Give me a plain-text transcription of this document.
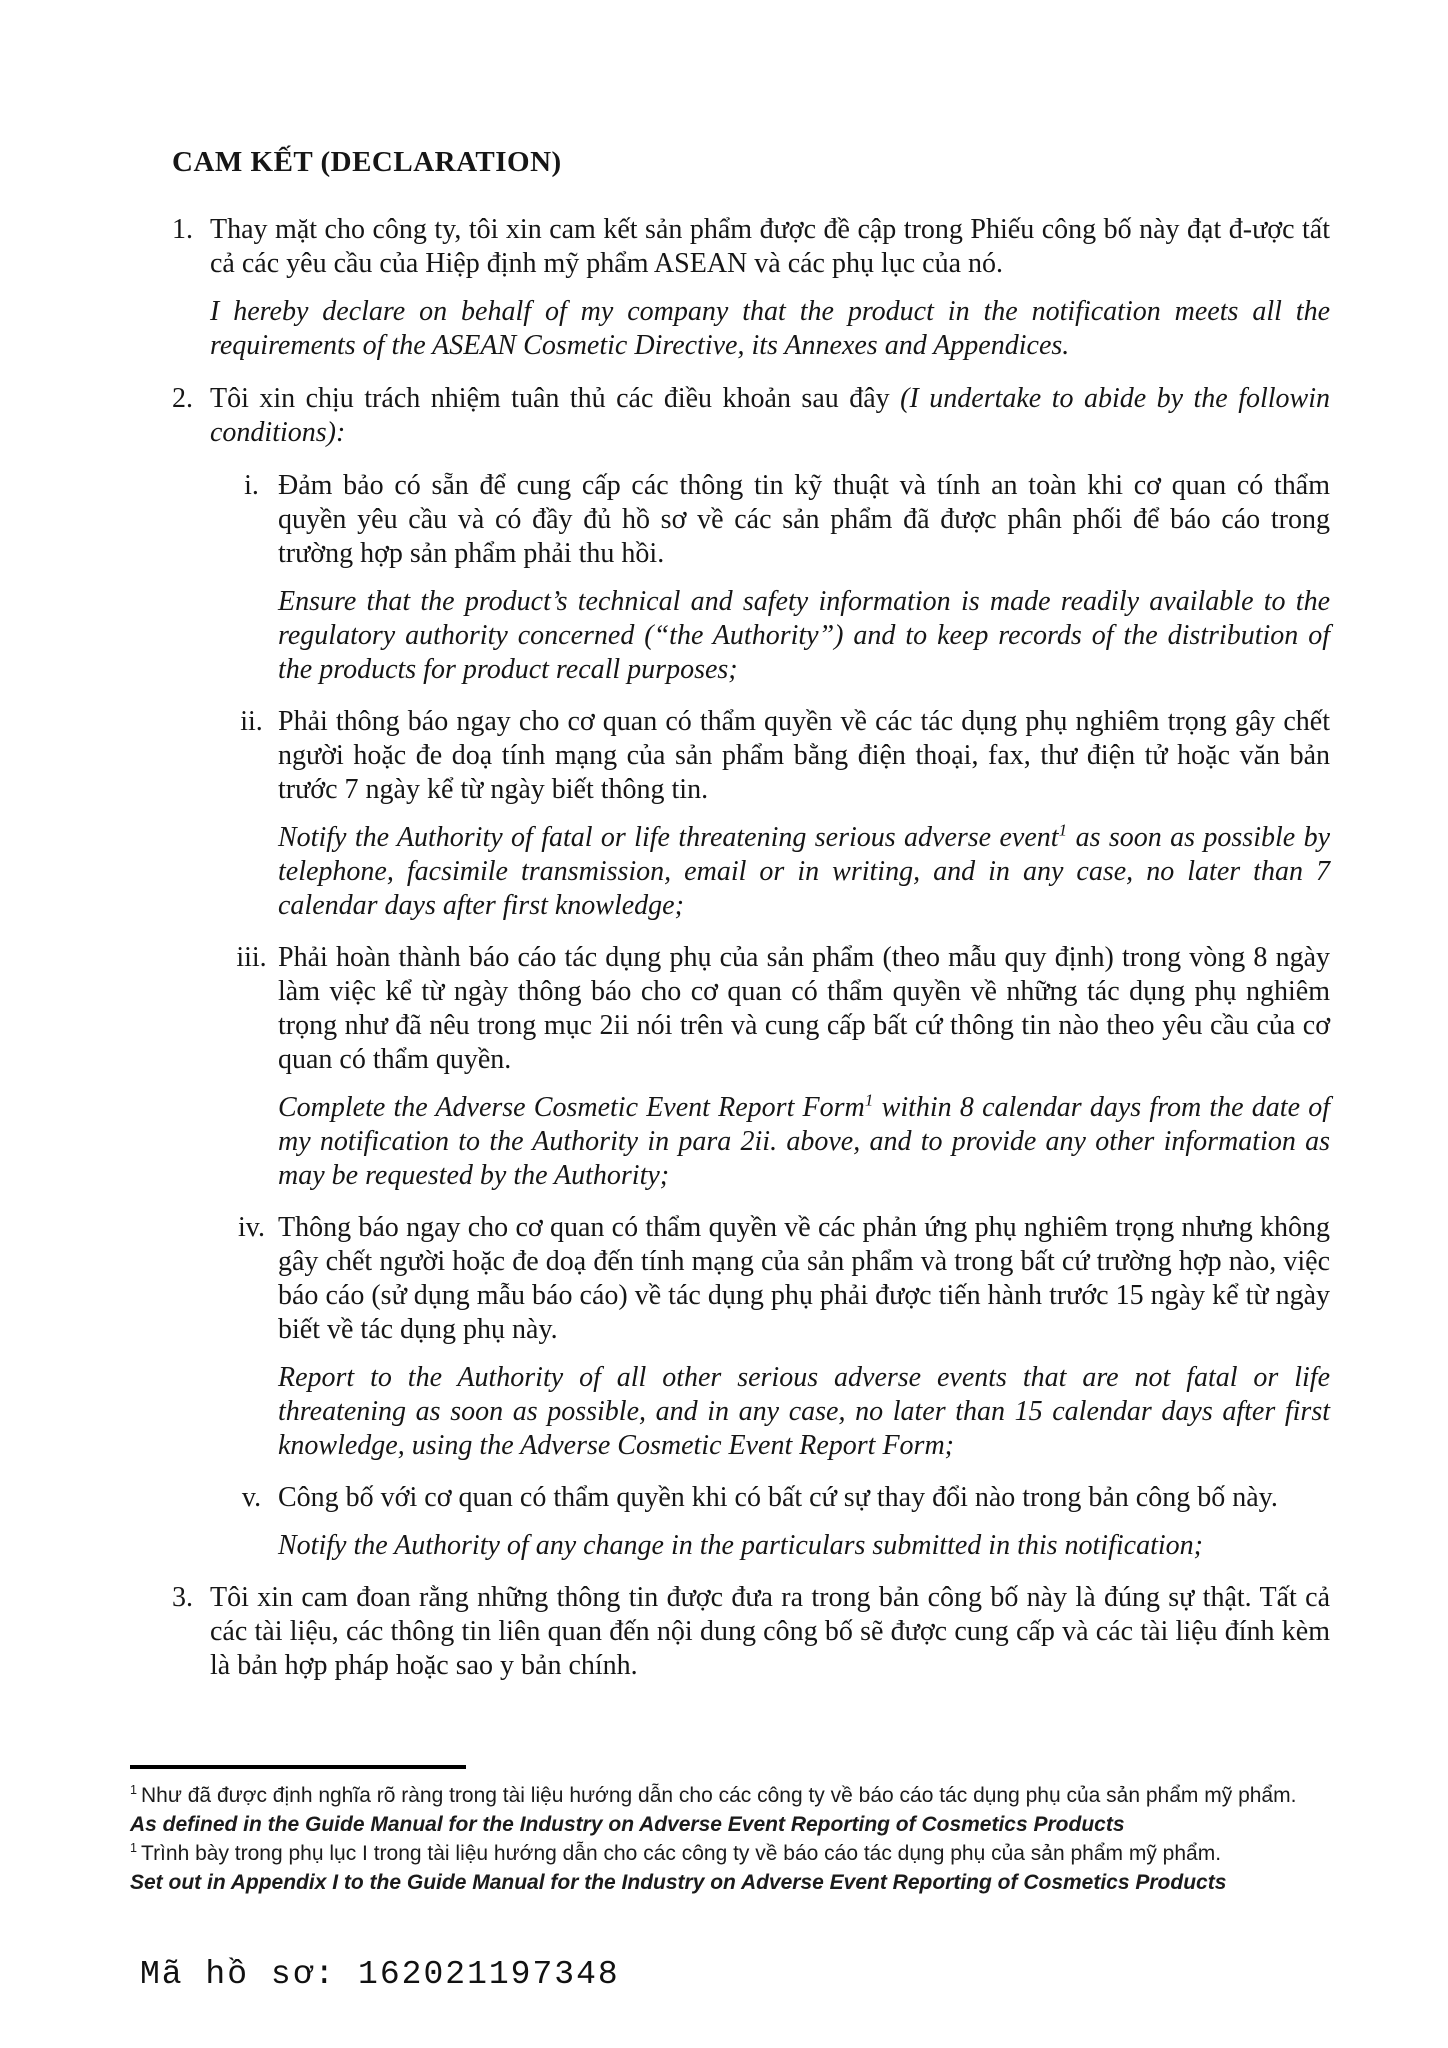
CAM KẾT (DECLARATION)
1. Thay mặt cho công ty, tôi xin cam kết sản phẩm được đề cập trong Phiếu công bố này đạt đ-ược tất cả các yêu cầu của Hiệp định mỹ phẩm ASEAN và các phụ lục của nó.

I hereby declare on behalf of my company that the product in the notification meets all the requirements of the ASEAN Cosmetic Directive, its Annexes and Appendices.

2. Tôi xin chịu trách nhiệm tuân thủ các điều khoản sau đây (I undertake to abide by the followin conditions):

i. Đảm bảo có sẵn để cung cấp các thông tin kỹ thuật và tính an toàn khi cơ quan có thẩm quyền yêu cầu và có đầy đủ hồ sơ về các sản phẩm đã được phân phối để báo cáo trong trường hợp sản phẩm phải thu hồi.

Ensure that the product’s technical and safety information is made readily available to the regulatory authority concerned (“the Authority”) and to keep records of the distribution of the products for product recall purposes;

ii. Phải thông báo ngay cho cơ quan có thẩm quyền về các tác dụng phụ nghiêm trọng gây chết người hoặc đe doạ tính mạng của sản phẩm bằng điện thoại, fax, thư điện tử hoặc văn bản trước 7 ngày kể từ ngày biết thông tin.

Notify the Authority of fatal or life threatening serious adverse event$^1$ as soon as possible by telephone, facsimile transmission, email or in writing, and in any case, no later than 7 calendar days after first knowledge;

iii. Phải hoàn thành báo cáo tác dụng phụ của sản phẩm (theo mẫu quy định) trong vòng 8 ngày làm việc kể từ ngày thông báo cho cơ quan có thẩm quyền về những tác dụng phụ nghiêm trọng như đã nêu trong mục 2ii nói trên và cung cấp bất cứ thông tin nào theo yêu cầu của cơ quan có thẩm quyền.

Complete the Adverse Cosmetic Event Report Form$^1$ within 8 calendar days from the date of my notification to the Authority in para 2ii. above, and to provide any other information as may be requested by the Authority;

iv. Thông báo ngay cho cơ quan có thẩm quyền về các phản ứng phụ nghiêm trọng nhưng không gây chết người hoặc đe doạ đến tính mạng của sản phẩm và trong bất cứ trường hợp nào, việc báo cáo (sử dụng mẫu báo cáo) về tác dụng phụ phải được tiến hành trước 15 ngày kể từ ngày biết về tác dụng phụ này.

Report to the Authority of all other serious adverse events that are not fatal or life threatening as soon as possible, and in any case, no later than 15 calendar days after first knowledge, using the Adverse Cosmetic Event Report Form;

v. Công bố với cơ quan có thẩm quyền khi có bất cứ sự thay đổi nào trong bản công bố này.

Notify the Authority of any change in the particulars submitted in this notification;

3. Tôi xin cam đoan rằng những thông tin được đưa ra trong bản công bố này là đúng sự thật. Tất cả các tài liệu, các thông tin liên quan đến nội dung công bố sẽ được cung cấp và các tài liệu đính kèm là bản hợp pháp hoặc sao y bản chính.

$^1$ Như đã được định nghĩa rõ ràng trong tài liệu hướng dẫn cho các công ty về báo cáo tác dụng phụ của sản phẩm mỹ phẩm.
As defined in the Guide Manual for the Industry on Adverse Event Reporting of Cosmetics Products
$^1$ Trình bày trong phụ lục I trong tài liệu hướng dẫn cho các công ty về báo cáo tác dụng phụ của sản phẩm mỹ phẩm.
Set out in Appendix I to the Guide Manual for the Industry on Adverse Event Reporting of Cosmetics Products
Mã hồ sơ: 162021197348
